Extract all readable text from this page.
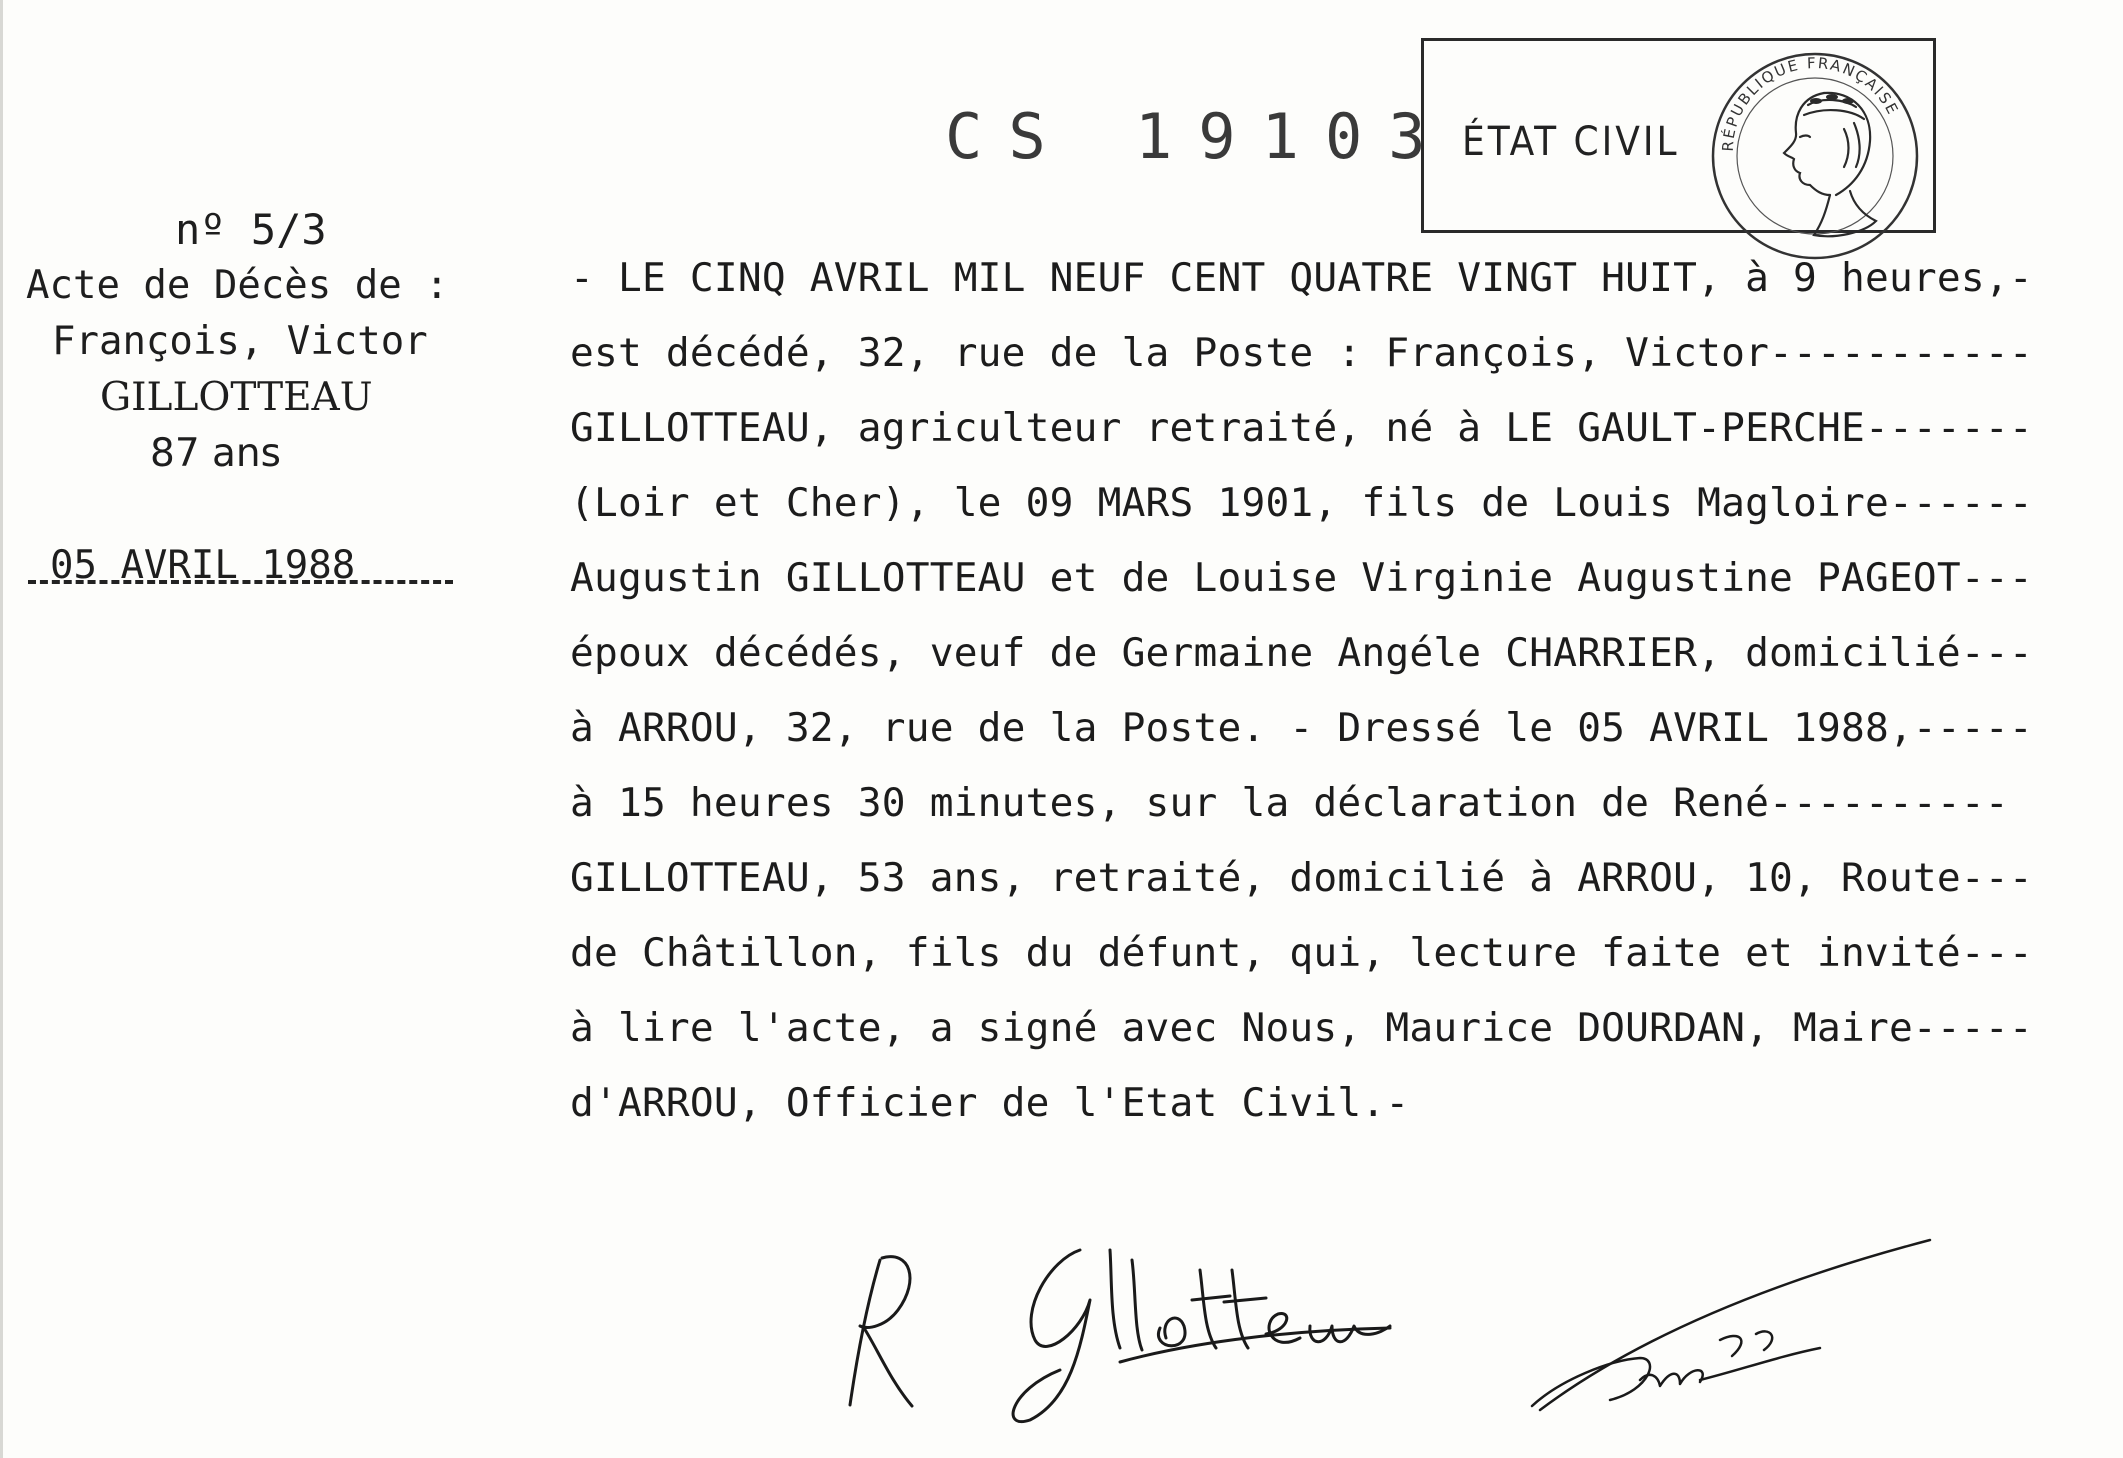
CS 19103 ÉTAT CIVIL	RÉPUBLIQUE FRANÇAISE
nº 5/3
Acte de Décès de :
François, Victor
GILLOTTEAU
87 ans
05 AVRIL 1988
- LE CINQ AVRIL MIL NEUF CENT QUATRE VINGT HUIT, à 9 heures,-
est décédé, 32, rue de la Poste : François, Victor-----------
GILLOTTEAU, agriculteur retraité, né à LE GAULT-PERCHE-------
(Loir et Cher), le 09 MARS 1901, fils de Louis Magloire------
Augustin GILLOTTEAU et de Louise Virginie Augustine PAGEOT---
époux décédés, veuf de Germaine Angéle CHARRIER, domicilié---
à ARROU, 32, rue de la Poste. - Dressé le 05 AVRIL 1988,-----
à 15 heures 30 minutes, sur la déclaration de René----------
GILLOTTEAU, 53 ans, retraité, domicilié à ARROU, 10, Route---
de Châtillon, fils du défunt, qui, lecture faite et invité---
à lire l'acte, a signé avec Nous, Maurice DOURDAN, Maire-----
d'ARROU, Officier de l'Etat Civil.-
